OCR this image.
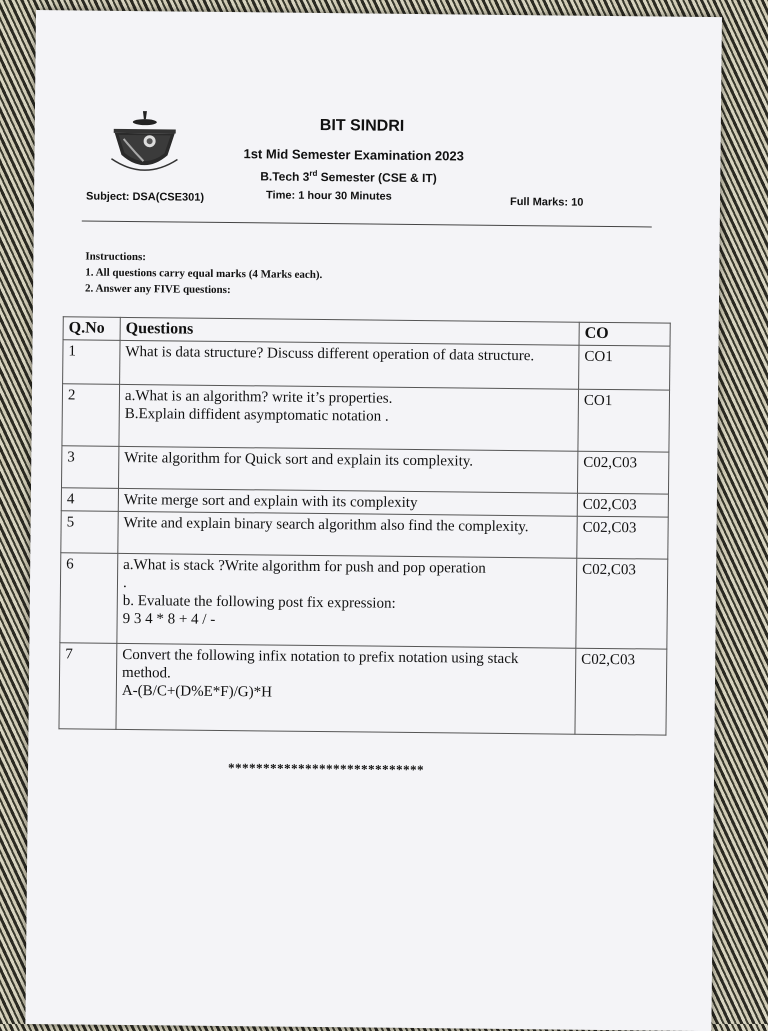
BIT SINDRI
1st Mid Semester Examination 2023
B.Tech 3rd Semester (CSE & IT)
Time: 1 hour 30 Minutes
Subject: DSA(CSE301)	Full Marks: 10
Instructions:
1. All questions carry equal marks (4 Marks each).
2. Answer any FIVE questions:
Q.No	Questions	CO
1	What is data structure? Discuss different operation of data structure.	CO1
2	a.What is an algorithm? write it’s properties.
B.Explain diffident asymptomatic notation .	CO1
3	Write algorithm for Quick sort and explain its complexity.	C02,C03
4	Write merge sort and explain with its complexity	C02,C03
5	Write and explain binary search algorithm also find the complexity.	C02,C03
6	a.What is stack ?Write algorithm for push and pop operation
.
b. Evaluate the following post fix expression:
9 3 4 * 8 + 4 / -	C02,C03
7	Convert the following infix notation to prefix notation using stack method.
A-(B/C+(D%E*F)/G)*H	C02,C03
****************************
